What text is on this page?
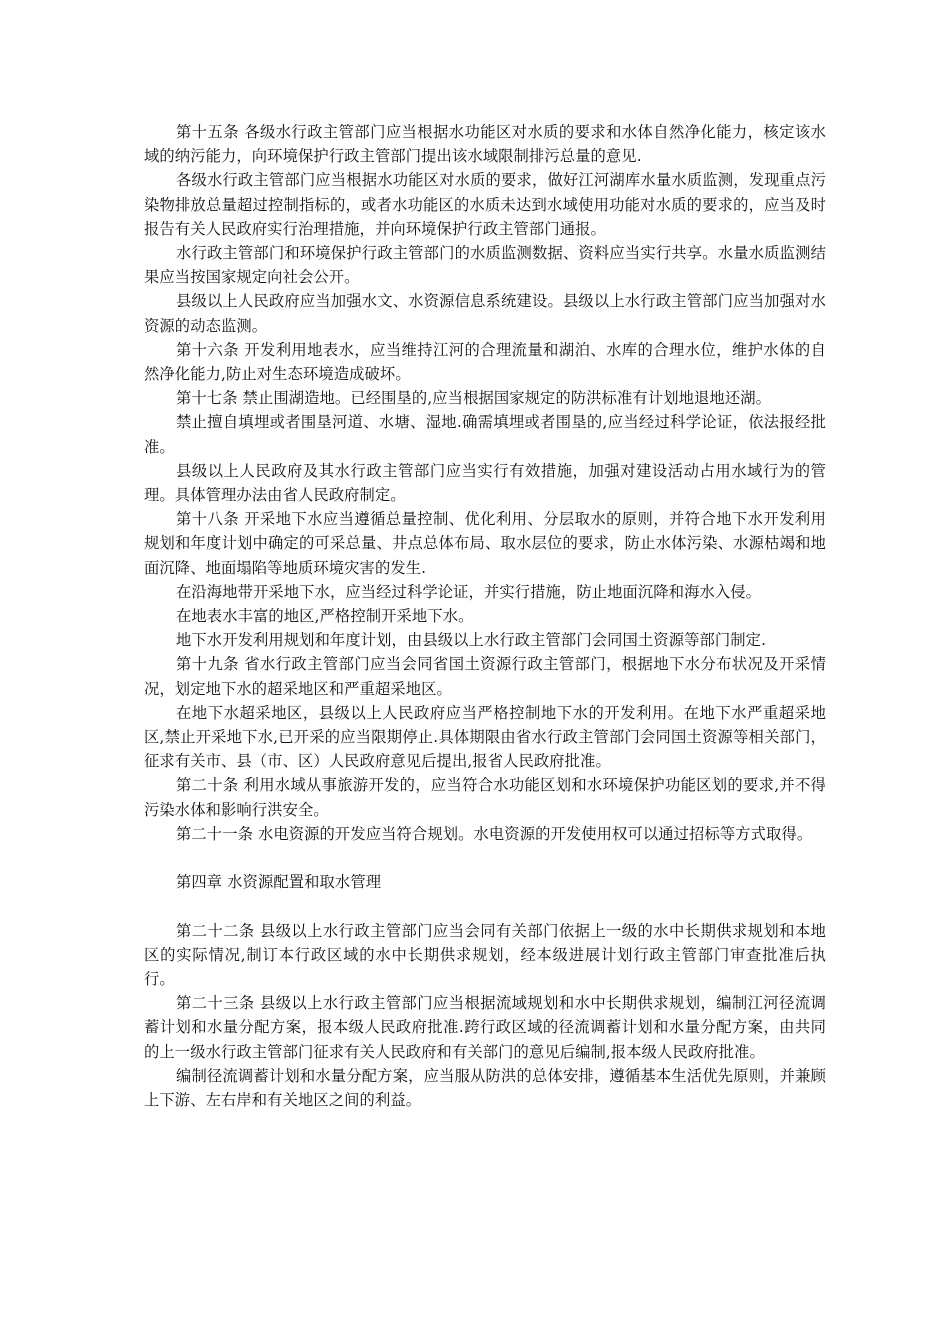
第十五条 各级水行政主管部门应当根据水功能区对水质的要求和水体自然净化能力，核定该水域的纳污能力，向环境保护行政主管部门提出该水域限制排污总量的意见.

各级水行政主管部门应当根据水功能区对水质的要求，做好江河湖库水量水质监测，发现重点污染物排放总量超过控制指标的，或者水功能区的水质未达到水域使用功能对水质的要求的，应当及时报告有关人民政府实行治理措施，并向环境保护行政主管部门通报。

水行政主管部门和环境保护行政主管部门的水质监测数据、资料应当实行共享。水量水质监测结果应当按国家规定向社会公开。

县级以上人民政府应当加强水文、水资源信息系统建设。县级以上水行政主管部门应当加强对水资源的动态监测。

第十六条 开发利用地表水，应当维持江河的合理流量和湖泊、水库的合理水位，维护水体的自然净化能力,防止对生态环境造成破坏。

第十七条 禁止围湖造地。已经围垦的,应当根据国家规定的防洪标准有计划地退地还湖。

禁止擅自填埋或者围垦河道、水塘、湿地.确需填埋或者围垦的,应当经过科学论证，依法报经批准。

县级以上人民政府及其水行政主管部门应当实行有效措施，加强对建设活动占用水域行为的管理。具体管理办法由省人民政府制定。

第十八条 开采地下水应当遵循总量控制、优化利用、分层取水的原则，并符合地下水开发利用规划和年度计划中确定的可采总量、井点总体布局、取水层位的要求，防止水体污染、水源枯竭和地面沉降、地面塌陷等地质环境灾害的发生.

在沿海地带开采地下水，应当经过科学论证，并实行措施，防止地面沉降和海水入侵。

在地表水丰富的地区,严格控制开采地下水。

地下水开发利用规划和年度计划，由县级以上水行政主管部门会同国土资源等部门制定.

第十九条 省水行政主管部门应当会同省国土资源行政主管部门，根据地下水分布状况及开采情况，划定地下水的超采地区和严重超采地区。

在地下水超采地区，县级以上人民政府应当严格控制地下水的开发利用。在地下水严重超采地区,禁止开采地下水,已开采的应当限期停止.具体期限由省水行政主管部门会同国土资源等相关部门，征求有关市、县（市、区）人民政府意见后提出,报省人民政府批准。

第二十条 利用水域从事旅游开发的，应当符合水功能区划和水环境保护功能区划的要求,并不得污染水体和影响行洪安全。

第二十一条 水电资源的开发应当符合规划。水电资源的开发使用权可以通过招标等方式取得。

第四章 水资源配置和取水管理

第二十二条 县级以上水行政主管部门应当会同有关部门依据上一级的水中长期供求规划和本地区的实际情况,制订本行政区域的水中长期供求规划，经本级进展计划行政主管部门审查批准后执行。

第二十三条 县级以上水行政主管部门应当根据流域规划和水中长期供求规划，编制江河径流调蓄计划和水量分配方案，报本级人民政府批准.跨行政区域的径流调蓄计划和水量分配方案，由共同的上一级水行政主管部门征求有关人民政府和有关部门的意见后编制,报本级人民政府批准。

编制径流调蓄计划和水量分配方案，应当服从防洪的总体安排，遵循基本生活优先原则，并兼顾上下游、左右岸和有关地区之间的利益。
